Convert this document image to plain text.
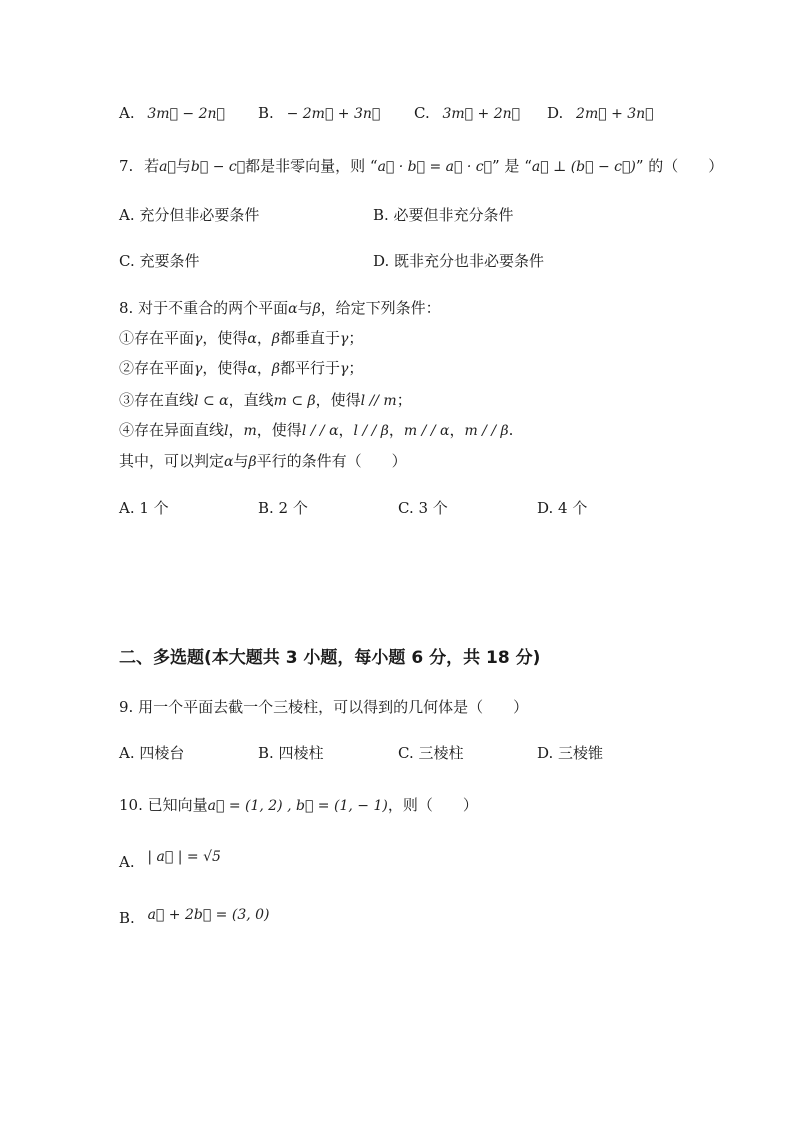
A. 3m⃗ − 2n⃗ B. − 2m⃗ + 3n⃗ C. 3m⃗ + 2n⃗ D. 2m⃗ + 3n⃗
7. 若a⃗与b⃗ − c⃗都是非零向量，则 “a⃗ · b⃗ = a⃗ · c⃗” 是 “a⃗ ⊥ (b⃗ − c⃗)” 的（　　）
A. 充分但非必要条件	B. 必要但非充分条件
C. 充要条件	D. 既非充分也非必要条件
8. 对于不重合的两个平面α与β，给定下列条件：
①存在平面γ，使得α，β都垂直于γ；
②存在平面γ，使得α，β都平行于γ；
③存在直线l ⊂ α，直线m ⊂ β，使得l // m；
④存在异面直线l，m，使得l / / α，l / / β，m / / α，m / / β.
其中，可以判定α与β平行的条件有（　　）
A. 1 个	B. 2 个	C. 3 个	D. 4 个
二、多选题(本大题共 3 小题，每小题 6 分，共 18 分)
9. 用一个平面去截一个三棱柱，可以得到的几何体是（　　）
A. 四棱台	B. 四棱柱	C. 三棱柱	D. 三棱锥
10. 已知向量a⃗ = (1, 2) , b⃗ = (1, − 1)，则（　　）
A. | a⃗ | = √5
B. a⃗ + 2b⃗ = (3, 0)
